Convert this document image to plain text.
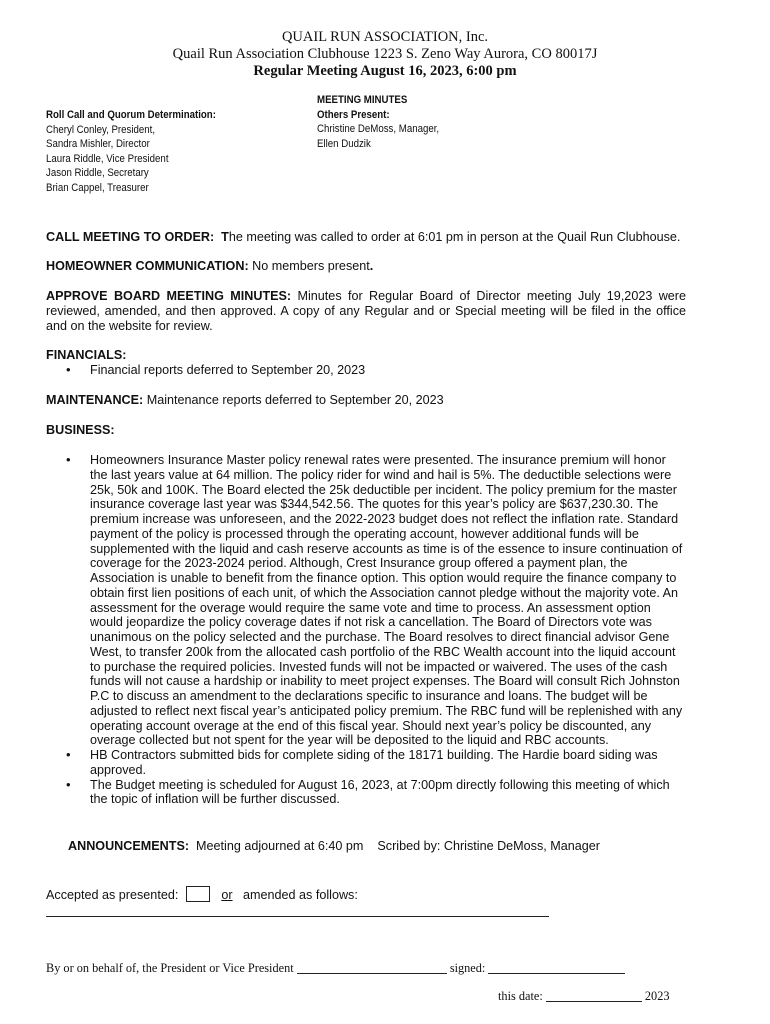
QUAIL RUN ASSOCIATION, Inc.
Quail Run Association Clubhouse 1223 S. Zeno Way Aurora, CO 80017J
Regular Meeting August 16, 2023, 6:00 pm
Roll Call and Quorum Determination:
Cheryl Conley, President,
Sandra Mishler, Director
Laura Riddle, Vice President
Jason Riddle, Secretary
Brian Cappel, Treasurer
MEETING MINUTES
Others Present:
Christine DeMoss, Manager,
Ellen Dudzik
CALL MEETING TO ORDER: The meeting was called to order at 6:01 pm in person at the Quail Run Clubhouse.
HOMEOWNER COMMUNICATION: No members present.
APPROVE BOARD MEETING MINUTES: Minutes for Regular Board of Director meeting July 19,2023 were reviewed, amended, and then approved. A copy of any Regular and or Special meeting will be filed in the office and on the website for review.
FINANCIALS:
• Financial reports deferred to September 20, 2023
MAINTENANCE: Maintenance reports deferred to September 20, 2023
BUSINESS:
• Homeowners Insurance Master policy renewal rates were presented. The insurance premium will honor the last years value at 64 million. The policy rider for wind and hail is 5%. The deductible selections were 25k, 50k and 100K. The Board elected the 25k deductible per incident. The policy premium for the master insurance coverage last year was $344,542.56. The quotes for this year’s policy are $637,230.30. The premium increase was unforeseen, and the 2022-2023 budget does not reflect the inflation rate. Standard payment of the policy is processed through the operating account, however additional funds will be supplemented with the liquid and cash reserve accounts as time is of the essence to insure continuation of coverage for the 2023-2024 period. Although, Crest Insurance group offered a payment plan, the Association is unable to benefit from the finance option. This option would require the finance company to obtain first lien positions of each unit, of which the Association cannot pledge without the majority vote. An assessment for the overage would require the same vote and time to process. An assessment option would jeopardize the policy coverage dates if not risk a cancellation. The Board of Directors vote was unanimous on the policy selected and the purchase. The Board resolves to direct financial advisor Gene West, to transfer 200k from the allocated cash portfolio of the RBC Wealth account into the liquid account to purchase the required policies. Invested funds will not be impacted or waivered. The uses of the cash funds will not cause a hardship or inability to meet project expenses. The Board will consult Rich Johnston P.C to discuss an amendment to the declarations specific to insurance and loans. The budget will be adjusted to reflect next fiscal year’s anticipated policy premium. The RBC fund will be replenished with any operating account overage at the end of this fiscal year. Should next year’s policy be discounted, any overage collected but not spent for the year will be deposited to the liquid and RBC accounts.
• HB Contractors submitted bids for complete siding of the 18171 building. The Hardie board siding was approved.
• The Budget meeting is scheduled for August 16, 2023, at 7:00pm directly following this meeting of which the topic of inflation will be further discussed.
ANNOUNCEMENTS: Meeting adjourned at 6:40 pm Scribed by: Christine DeMoss, Manager
Accepted as presented:	or amended as follows:
By or on behalf of, the President or Vice President	signed:
this date:	2023
